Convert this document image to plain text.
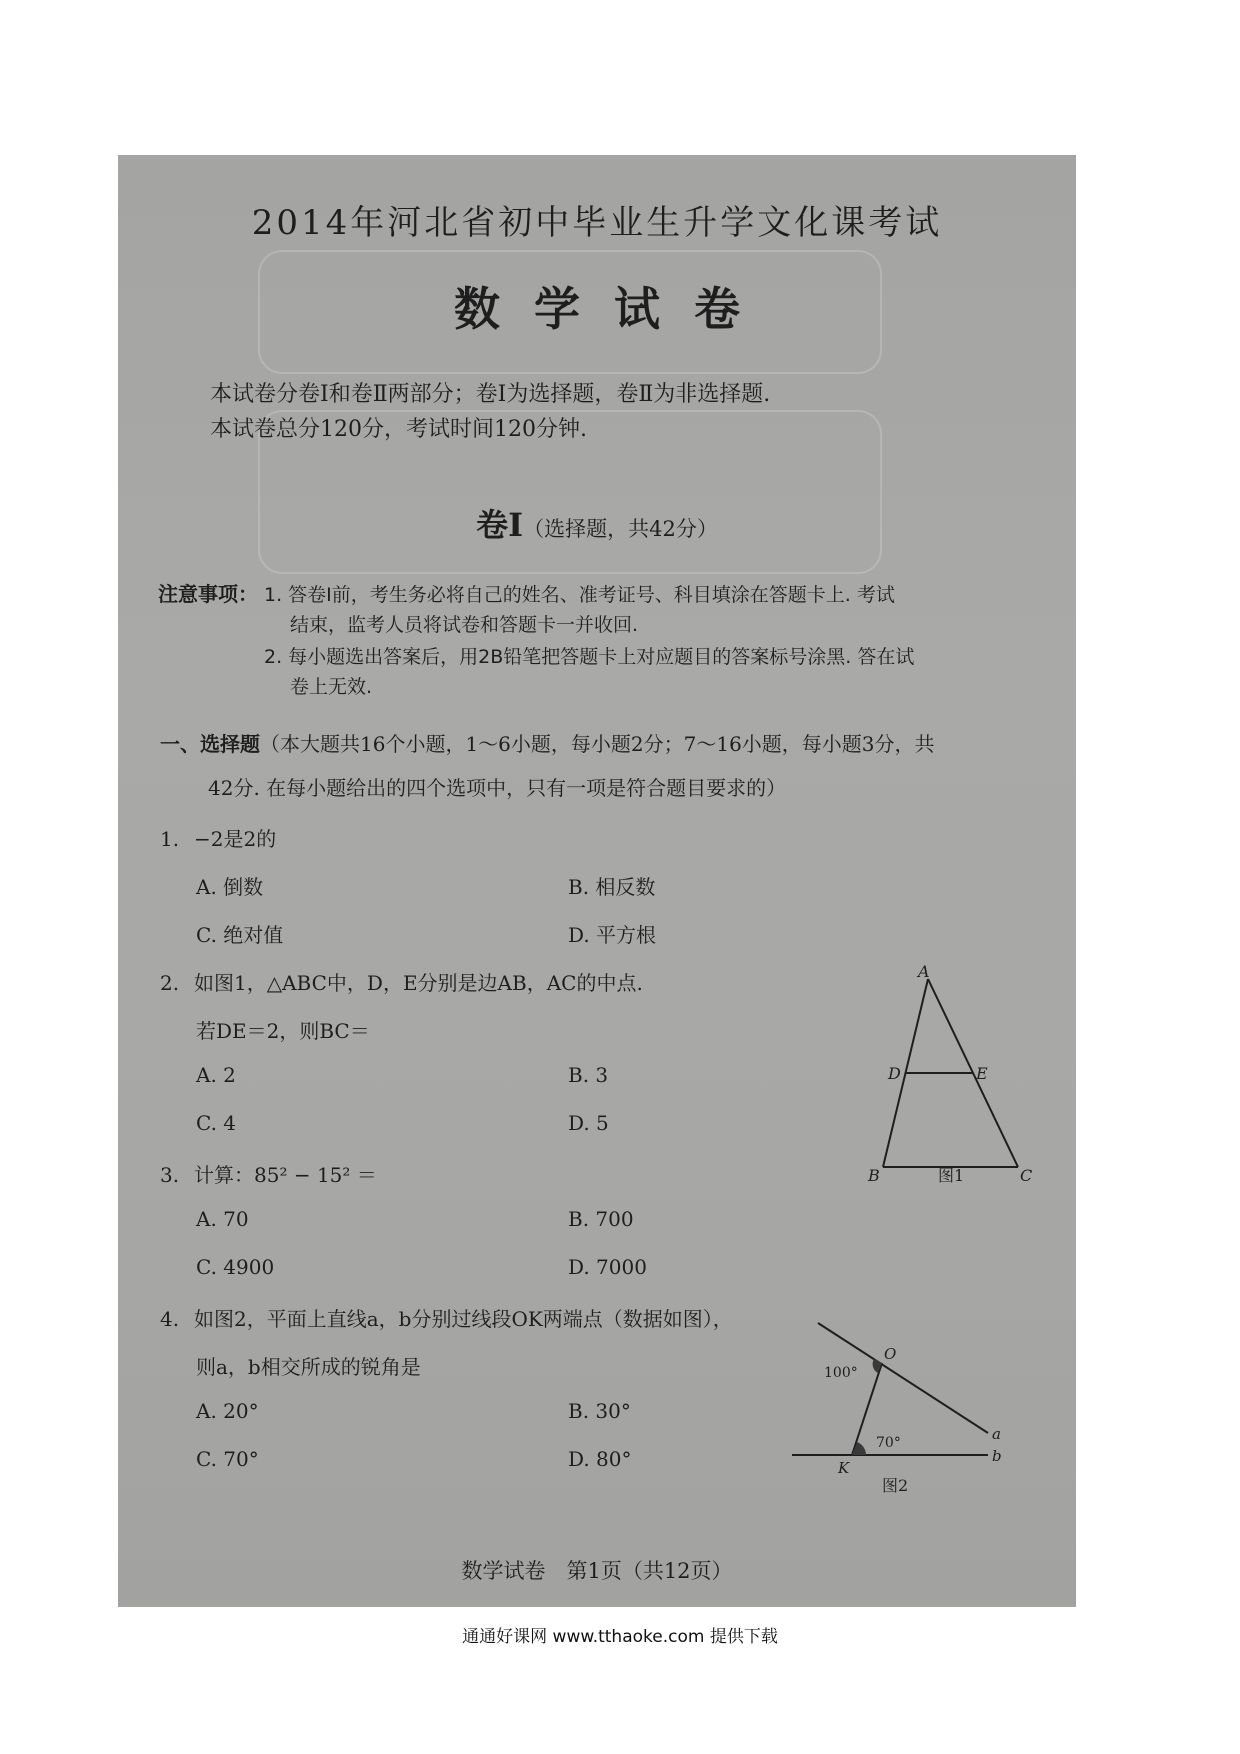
2014年河北省初中毕业生升学文化课考试
数学试卷
本试卷分卷Ⅰ和卷Ⅱ两部分；卷Ⅰ为选择题，卷Ⅱ为非选择题.
本试卷总分120分，考试时间120分钟.
卷Ⅰ（选择题，共42分）
注意事项： 1. 答卷Ⅰ前，考生务必将自己的姓名、准考证号、科目填涂在答题卡上. 考试
结束，监考人员将试卷和答题卡一并收回.
2. 每小题选出答案后，用2B铅笔把答题卡上对应题目的答案标号涂黑. 答在试
卷上无效.
一、选择题（本大题共16个小题，1～6小题，每小题2分；7～16小题，每小题3分，共
42分. 在每小题给出的四个选项中，只有一项是符合题目要求的）
1. −2是2的
A. 倒数	B. 相反数
C. 绝对值	D. 平方根
2. 如图1，△ABC中，D，E分别是边AB，AC的中点.
若DE＝2，则BC＝
A. 2	B. 3
C. 4	D. 5
A
B	C
D	E
图1
3. 计算：85² − 15² ＝
A. 70	B. 700
C. 4900	D. 7000
4. 如图2，平面上直线a，b分别过线段OK两端点（数据如图），
则a，b相交所成的锐角是
A. 20°	B. 30°
C. 70°	D. 80°
O
K
a
b
100°
70°
图2
数学试卷　第1页（共12页）
通通好课网 www.tthaoke.com 提供下载
